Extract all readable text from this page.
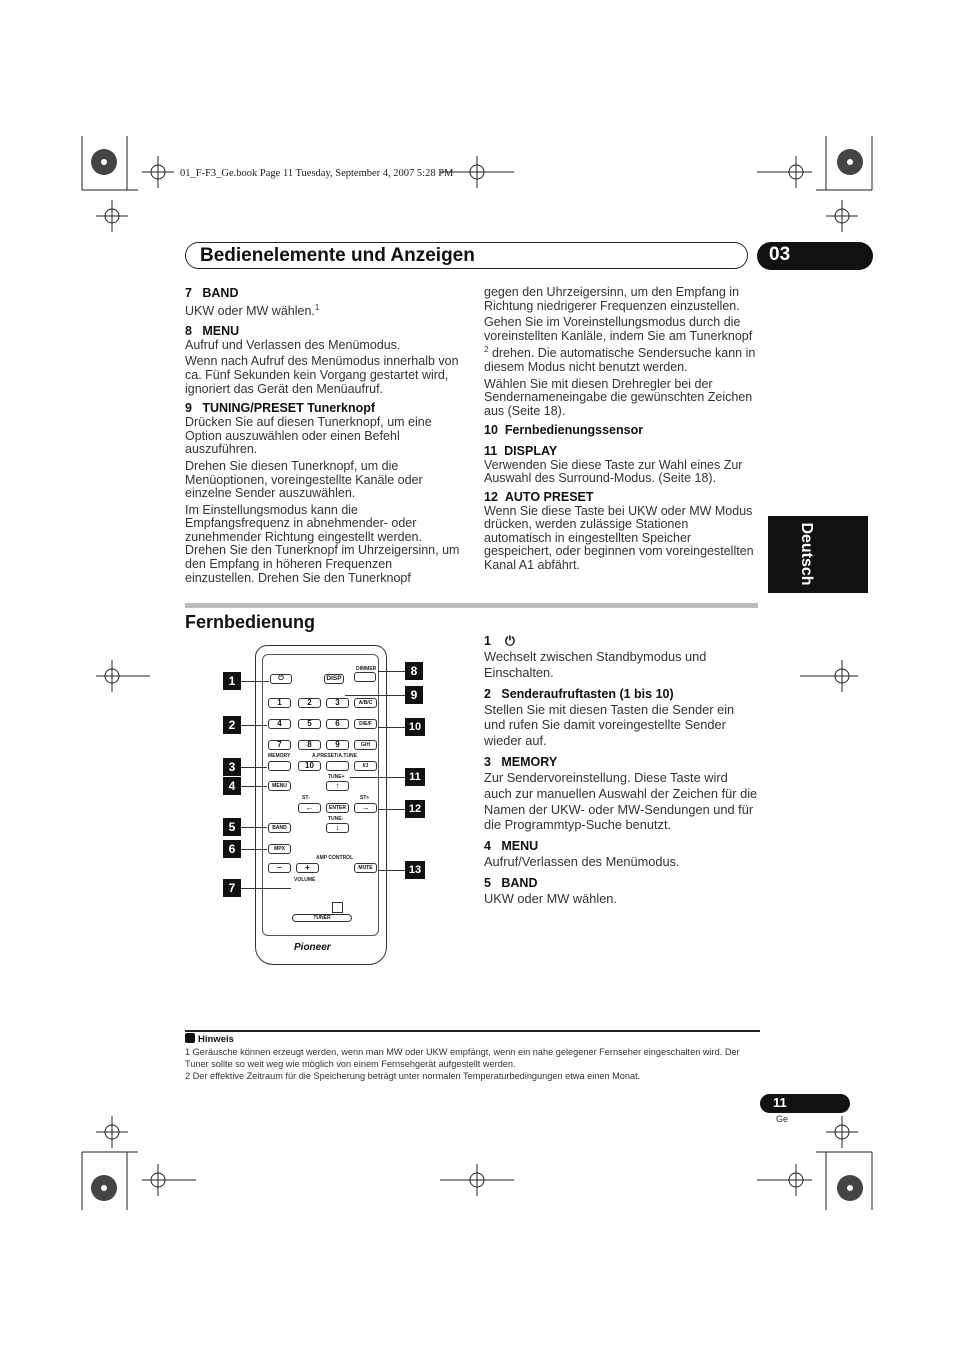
01_F-F3_Ge.book Page 11 Tuesday, September 4, 2007 5:28 PM
Bedienelemente und Anzeigen	03
Deutsch
7   BAND

UKW oder MW wählen.$^1$

8   MENU

Aufruf und Verlassen des Menümodus.

Wenn nach Aufruf des Menümodus innerhalb von ca. Fünf Sekunden kein Vorgang gestartet wird, ignoriert das Gerät den Menüaufruf.

9   TUNING/PRESET Tunerknopf

Drücken Sie auf diesen Tunerknopf, um eine Option auszuwählen oder einen Befehl auszuführen.

Drehen Sie diesen Tunerknopf, um die Menüoptionen, voreingestellte Kanäle oder einzelne Sender auszuwählen.

Im Einstellungsmodus kann die Empfangsfrequenz in abnehmender- oder zunehmender Richtung eingestellt werden. Drehen Sie den Tunerknopf im Uhrzeigersinn, um den Empfang in höheren Frequenzen einzustellen. Drehen Sie den Tunerknopf

gegen den Uhrzeigersinn, um den Empfang in Richtung niedrigerer Frequenzen einzustellen.

Gehen Sie im Voreinstellungsmodus durch die voreinstellten Kanläle, indem Sie am Tunerknopf $^2$ drehen. Die automatische Sendersuche kann in diesem Modus nicht benutzt werden.

Wählen Sie mit diesen Drehregler bei der Sendernameneingabe die gewünschten Zeichen aus (Seite 18).

10  Fernbedienungssensor
11  DISPLAY

Verwenden Sie diese Taste zur Wahl eines Zur Auswahl des Surround-Modus. (Seite 18).

12  AUTO PRESET

Wenn Sie diese Taste bei UKW oder MW Modus drücken, werden zulässige Stationen automatisch in eingestellten Speicher gespeichert, oder beginnen vom voreingestellten Kanal A1 abfährt.

Fernbedienung
DIMMER
⏻	DISP
1	2	3	A/B/C
4	5	6	D/E/F
7	8	9	G/H
MEMORY	A.PRESET/A.TUNE
10	I/J
TUNE+
↑
MENU
ST-	ST+
←	ENTER	→
TUNE-
↓
BAND
MPX
AMP CONTROL
–	+	MUTE
VOLUME
TUNER
Pioneer
1
2
3
4
5
6
7
8
9
10
11
12
13
1 ⏻

Wechselt zwischen Standbymodus und Einschalten.

2   Senderaufruftasten (1 bis 10)

Stellen Sie mit diesen Tasten die Sender ein und rufen Sie damit voreingestellte Sender wieder auf.

3   MEMORY

Zur Sendervoreinstellung. Diese Taste wird auch zur manuellen Auswahl der Zeichen für die Namen der UKW- oder MW-Sendungen und für die Programmtyp-Suche benutzt.

4   MENU

Aufruf/Verlassen des Menümodus.

5   BAND

UKW oder MW wählen.

Hinweis
1 Geräusche können erzeugt werden, wenn man MW oder UKW empfängt, wenn ein nahe gelegener Fernseher eingeschalten wird. Der Tuner sollte so weit weg wie möglich von einem Fernsehgerät aufgestellt werden.
2 Der effektive Zeitraum für die Speicherung beträgt unter normalen Temperaturbedingungen etwa einen Monat.
11
Ge
